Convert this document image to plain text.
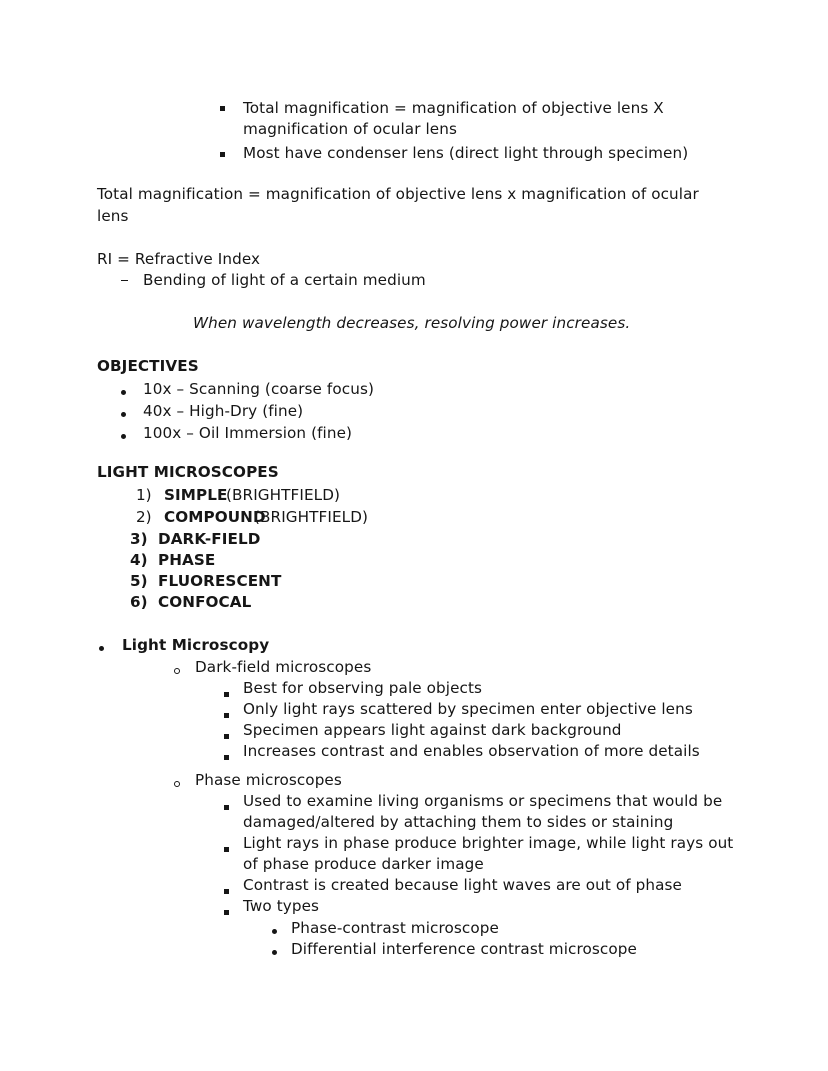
Total magnification = magnification of objective lens X
magnification of ocular lens
Most have condenser lens (direct light through specimen)
Total magnification = magnification of objective lens x magnification of ocular
lens
RI = Refractive Index
Bending of light of a certain medium
When wavelength decreases, resolving power increases.
OBJECTIVES
10x – Scanning (coarse focus)
40x – High-Dry (fine)
100x – Oil Immersion (fine)
LIGHT MICROSCOPES
1) SIMPLE
(BRIGHTFIELD)
2) COMPOUND
(BRIGHTFIELD)
3) DARK-FIELD
4) PHASE
5) FLUORESCENT
6) CONFOCAL
Light Microscopy
Dark-field microscopes
Best for observing pale objects
Only light rays scattered by specimen enter objective lens
Specimen appears light against dark background
Increases contrast and enables observation of more details
Phase microscopes
Used to examine living organisms or specimens that would be
damaged/altered by attaching them to sides or staining
Light rays in phase produce brighter image, while light rays out
of phase produce darker image
Contrast is created because light waves are out of phase
Two types
Phase-contrast microscope
Differential interference contrast microscope
